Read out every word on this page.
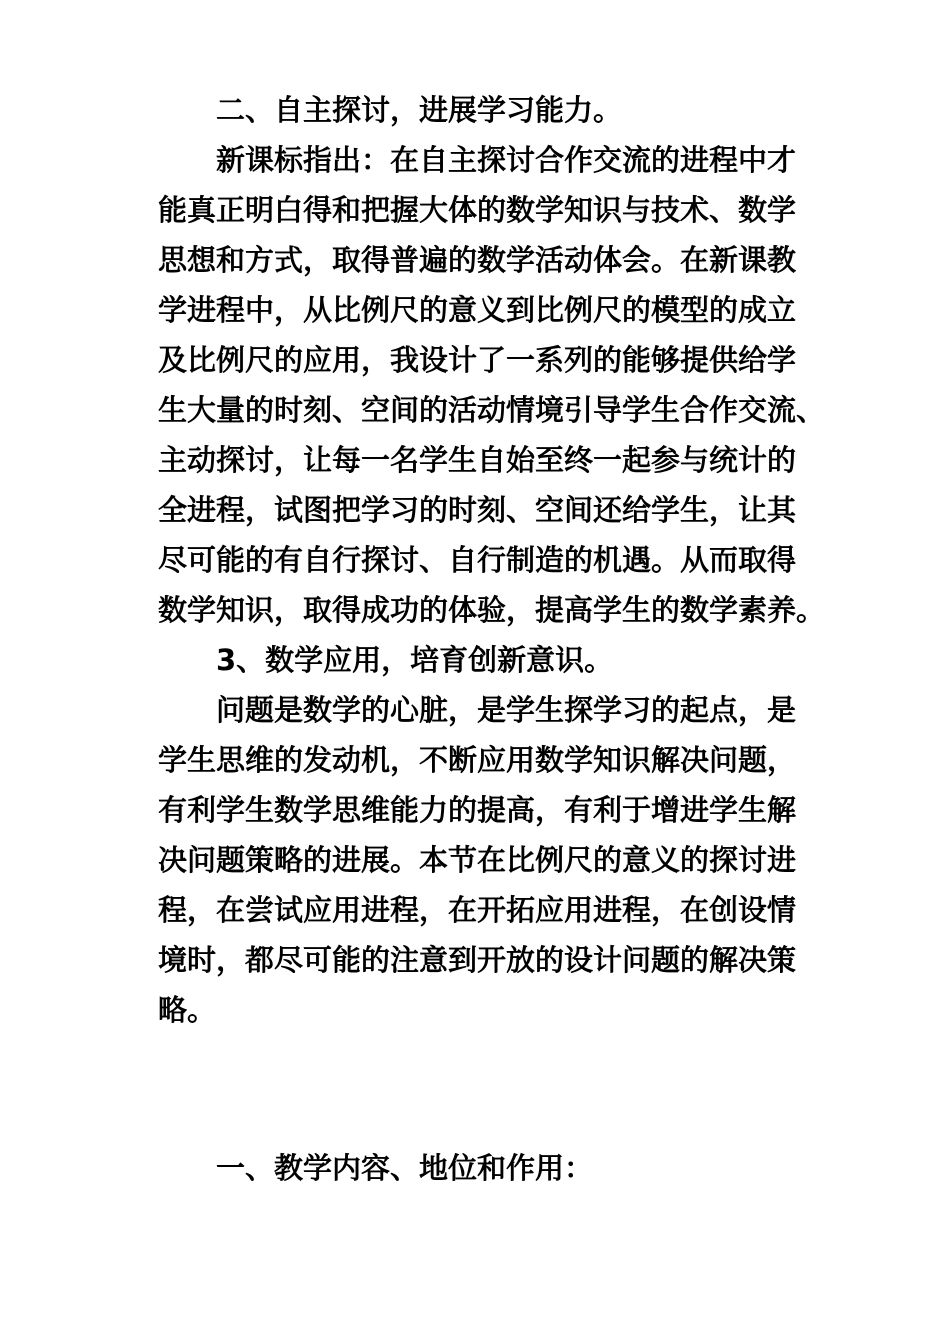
二、自主探讨，进展学习能力。
新课标指出：在自主探讨合作交流的进程中才
能真正明白得和把握大体的数学知识与技术、数学
思想和方式，取得普遍的数学活动体会。在新课教
学进程中，从比例尺的意义到比例尺的模型的成立
及比例尺的应用，我设计了一系列的能够提供给学
生大量的时刻、空间的活动情境引导学生合作交流、
主动探讨，让每一名学生自始至终一起参与统计的
全进程，试图把学习的时刻、空间还给学生，让其
尽可能的有自行探讨、自行制造的机遇。从而取得
数学知识，取得成功的体验，提高学生的数学素养。
3、数学应用，培育创新意识。
问题是数学的心脏，是学生探学习的起点，是
学生思维的发动机，不断应用数学知识解决问题，
有利学生数学思维能力的提高，有利于增进学生解
决问题策略的进展。本节在比例尺的意义的探讨进
程，在尝试应用进程，在开拓应用进程，在创设情
境时，都尽可能的注意到开放的设计问题的解决策
略。
一、教学内容、地位和作用：
